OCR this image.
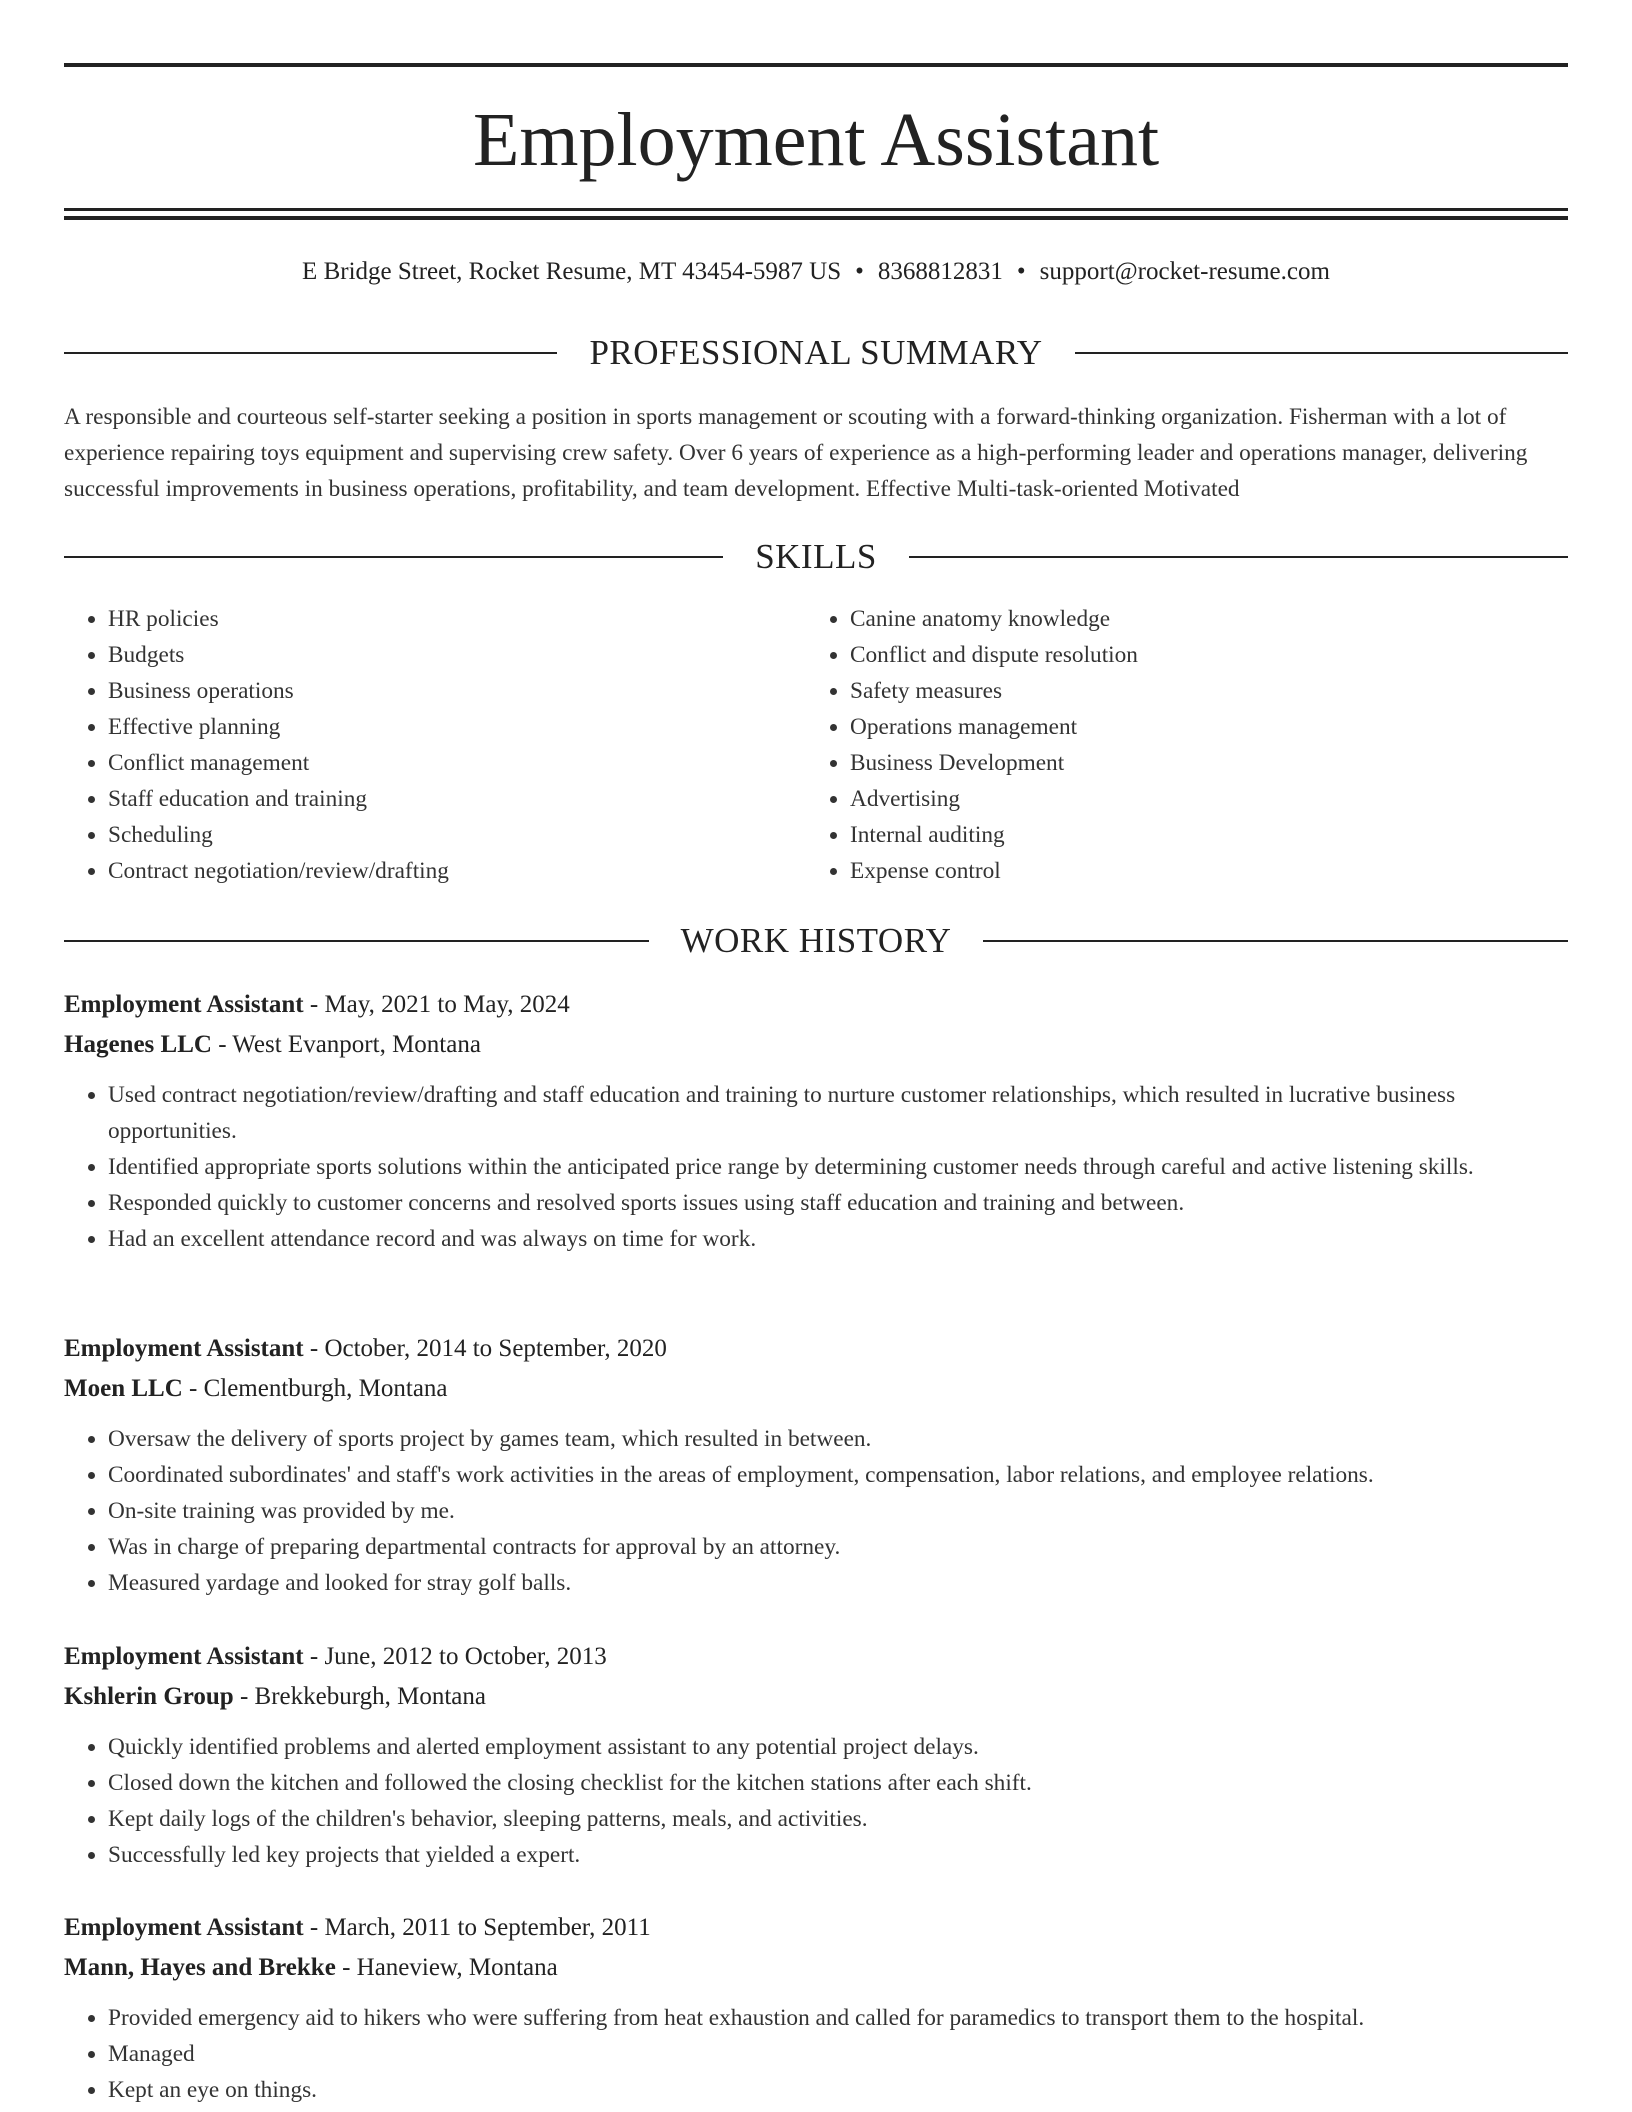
Employment Assistant
E Bridge Street, Rocket Resume, MT 43454-5987 US • 8368812831 • support@rocket-resume.com
PROFESSIONAL SUMMARY

A responsible and courteous self-starter seeking a position in sports management or scouting with a forward-thinking organization. Fisherman with a lot of experience repairing toys equipment and supervising crew safety. Over 6 years of experience as a high-performing leader and operations manager, delivering successful improvements in business operations, profitability, and team development. Effective Multi-task-oriented Motivated

SKILLS
• HR policies
• Budgets
• Business operations
• Effective planning
• Conflict management
• Staff education and training
• Scheduling
• Contract negotiation/review/drafting
• Canine anatomy knowledge
• Conflict and dispute resolution
• Safety measures
• Operations management
• Business Development
• Advertising
• Internal auditing
• Expense control
WORK HISTORY
Employment Assistant - May, 2021 to May, 2024
Hagenes LLC - West Evanport, Montana
• Used contract negotiation/review/drafting and staff education and training to nurture customer relationships, which resulted in lucrative business opportunities.
• Identified appropriate sports solutions within the anticipated price range by determining customer needs through careful and active listening skills.
• Responded quickly to customer concerns and resolved sports issues using staff education and training and between.
• Had an excellent attendance record and was always on time for work.
Employment Assistant - October, 2014 to September, 2020
Moen LLC - Clementburgh, Montana
• Oversaw the delivery of sports project by games team, which resulted in between.
• Coordinated subordinates' and staff's work activities in the areas of employment, compensation, labor relations, and employee relations.
• On-site training was provided by me.
• Was in charge of preparing departmental contracts for approval by an attorney.
• Measured yardage and looked for stray golf balls.
Employment Assistant - June, 2012 to October, 2013
Kshlerin Group - Brekkeburgh, Montana
• Quickly identified problems and alerted employment assistant to any potential project delays.
• Closed down the kitchen and followed the closing checklist for the kitchen stations after each shift.
• Kept daily logs of the children's behavior, sleeping patterns, meals, and activities.
• Successfully led key projects that yielded a expert.
Employment Assistant - March, 2011 to September, 2011
Mann, Hayes and Brekke - Haneview, Montana
• Provided emergency aid to hikers who were suffering from heat exhaustion and called for paramedics to transport them to the hospital.
• Managed
• Kept an eye on things.
